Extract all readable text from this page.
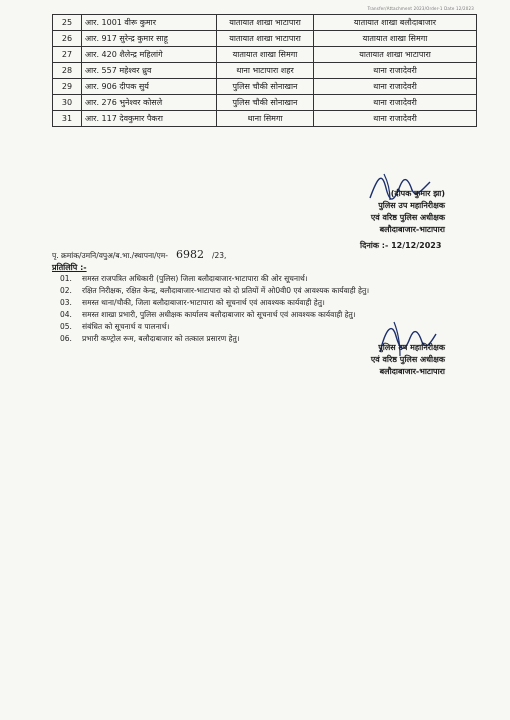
Transfer/Attachment 2023/Order-1 Date 12/2023
25	आर. 1001 वीरू कुमार	यातायात शाखा भाटापारा	यातायात शाखा बलौदाबाजार
26	आर. 917 सुरेन्द्र कुमार साहू	यातायात शाखा भाटापारा	यातायात शाखा सिमगा
27	आर. 420 शैलेन्द्र महिलांगे	यातायात शाखा सिमगा	यातायात शाखा भाटापारा
28	आर. 557 महेश्वर ध्रुव	थाना भाटापारा शहर	थाना राजादेवरी
29	आर. 906 दीपक सुर्य	पुलिस चौकी सोनाखान	थाना राजादेवरी
30	आर. 276 भुनेश्वर कोसले	पुलिस चौकी सोनाखान	थाना राजादेवरी
31	आर. 117 देवकुमार पैकरा	थाना सिमगा	थाना राजादेवरी
(दीपक कुमार झा)
पुलिस उप महानिरीक्षक
एवं वरिष्ठ पुलिस अधीक्षक
बलौदाबाजार-भाटापारा
दिनांक :- 12/12/2023
पृ. क्रमांक/उमनि/वपुअ/ब.भा./स्थापना/एम- 6982 /23,
प्रतिलिपि :-
01. समस्त राजपत्रित अधिकारी (पुलिस) जिला बलौदाबाजार-भाटापारा की ओर सूचनार्थ।
02. रक्षित निरीक्षक, रक्षित केन्द्र, बलौदाबाजार-भाटापारा को दो प्रतियों में ओ0वी0 एवं आवश्यक कार्यवाही हेतु।
03. समस्त थाना/चौकी, जिला बलौदाबाजार-भाटापारा को सूचनार्थ एवं आवश्यक कार्यवाही हेतु।
04. समस्त शाखा प्रभारी, पुलिस अधीक्षक कार्यालय बलौदाबाजार को सूचनार्थ एवं आवश्यक कार्यवाही हेतु।
05. संबंधित को सूचनार्थ व पालनार्थ।
06. प्रभारी कण्ट्रोल रूम, बलौदाबाजार को तत्काल प्रसारण हेतु।
पुलिस उप महानिरीक्षक
एवं वरिष्ठ पुलिस अधीक्षक
बलौदाबाजार-भाटापारा
